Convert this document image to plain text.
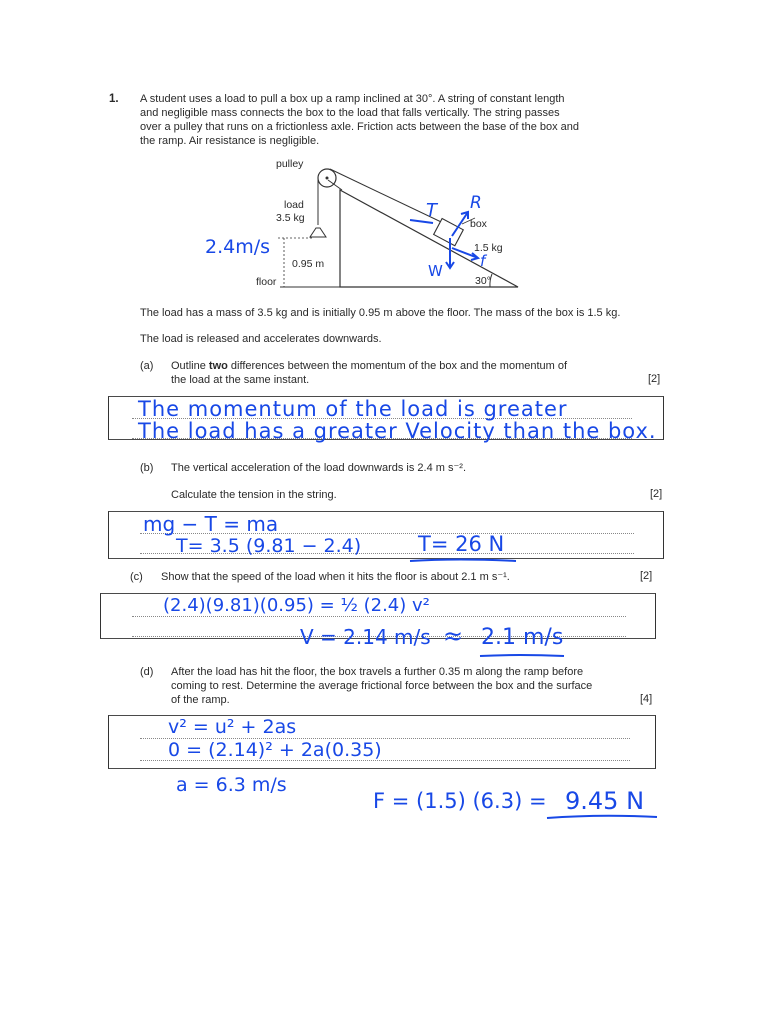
1. A student uses a load to pull a box up a ramp inclined at 30°. A string of constant length
and negligible mass connects the box to the load that falls vertically. The string passes
over a pulley that runs on a frictionless axle. Friction acts between the base of the box and
the ramp. Air resistance is negligible.
pulley
load
3.5 kg
0.95 m
floor
box
1.5 kg
30°
T R
W
f
2.4m/s
The load has a mass of 3.5 kg and is initially 0.95 m above the floor. The mass of the box is 1.5 kg.
The load is released and accelerates downwards.
(a) Outline two differences between the momentum of the box and the momentum of
the load at the same instant.	[2]
The momentum of the load is greater
The load has a greater Velocity than the box.
(b) The vertical acceleration of the load downwards is 2.4 m s⁻².
Calculate the tension in the string.	[2]
mg − T = ma
T= 3.5 (9.81 − 2.4)	T= 26 N
(c) Show that the speed of the load when it hits the floor is about 2.1 m s⁻¹.	[2]
(2.4)(9.81)(0.95) = ½ (2.4) v²
V = 2.14 m/s ≈ 2.1 m/s
(d) After the load has hit the floor, the box travels a further 0.35 m along the ramp before
coming to rest. Determine the average frictional force between the box and the surface
of the ramp.	[4]
v² = u² + 2as
0 = (2.14)² + 2a(0.35)
a = 6.3 m/s
F = (1.5) (6.3) = 9.45 N
